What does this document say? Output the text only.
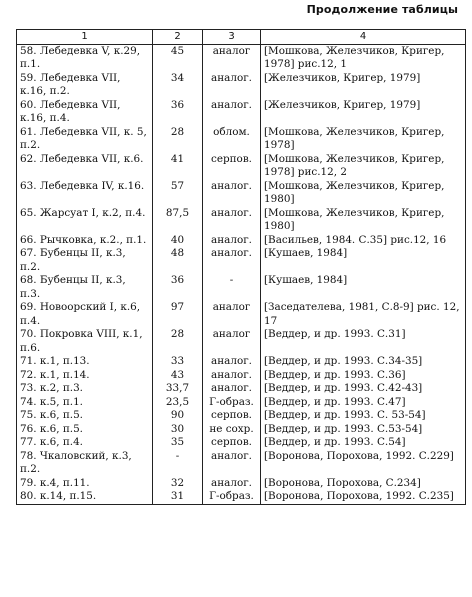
Продолжение таблицы
1	2	3	4
58. Лебедевка V, к.29, п.1.	45	аналог	[Мошкова, Железчиков, Кригер, 1978] рис.12, 1
59. Лебедевка VII, к.16, п.2.	34	аналог.	[Железчиков, Кригер, 1979]
60. Лебедевка VII, к.16, п.4.	36	аналог.	[Железчиков, Кригер, 1979]
61. Лебедевка VII, к. 5, п.2.	28	облом.	[Мошкова, Железчиков, Кригер, 1978]
62. Лебедевка VII, к.6.	41	серпов.	[Мошкова, Железчиков, Кригер, 1978] рис.12, 2
63. Лебедевка IV, к.16.	57	аналог.	[Мошкова, Железчиков, Кригер, 1980]
65. Жарсуат I, к.2, п.4.	87,5	аналог.	[Мошкова, Железчиков, Кригер, 1980]
66. Рычковка, к.2., п.1.	40	аналог.	[Васильев, 1984. С.35] рис.12, 16
67. Бубенцы II, к.3, п.2.	48	аналог.	[Кушаев, 1984]
68. Бубенцы II, к.3, п.3.	36	-	[Кушаев, 1984]
69. Новоорский I, к.6, п.4.	97	аналог	[Заседателева, 1981, С.8-9] рис. 12, 17
70. Покровка VIII, к.1, п.6.	28	аналог	[Веддер, и др. 1993. С.31]
71. к.1, п.13.	33	аналог.	[Веддер, и др. 1993. С.34-35]
72. к.1, п.14.	43	аналог.	[Веддер, и др. 1993. С.36]
73. к.2, п.3.	33,7	аналог.	[Веддер, и др. 1993. С.42-43]
74. к.5, п.1.	23,5	Г-образ.	[Веддер, и др. 1993. С.47]
75. к.6, п.5.	90	серпов.	[Веддер, и др. 1993. С. 53-54]
76. к.6, п.5.	30	не сохр.	[Веддер, и др. 1993. С.53-54]
77. к.6, п.4.	35	серпов.	[Веддер, и др. 1993. С.54]
78. Чкаловский, к.3, п.2.	-	аналог.	[Воронова, Порохова, 1992. С.229]
79. к.4, п.11.	32	аналог.	[Воронова, Порохова, С.234]
80. к.14, п.15.	31	Г-образ.	[Воронова, Порохова, 1992. С.235]
